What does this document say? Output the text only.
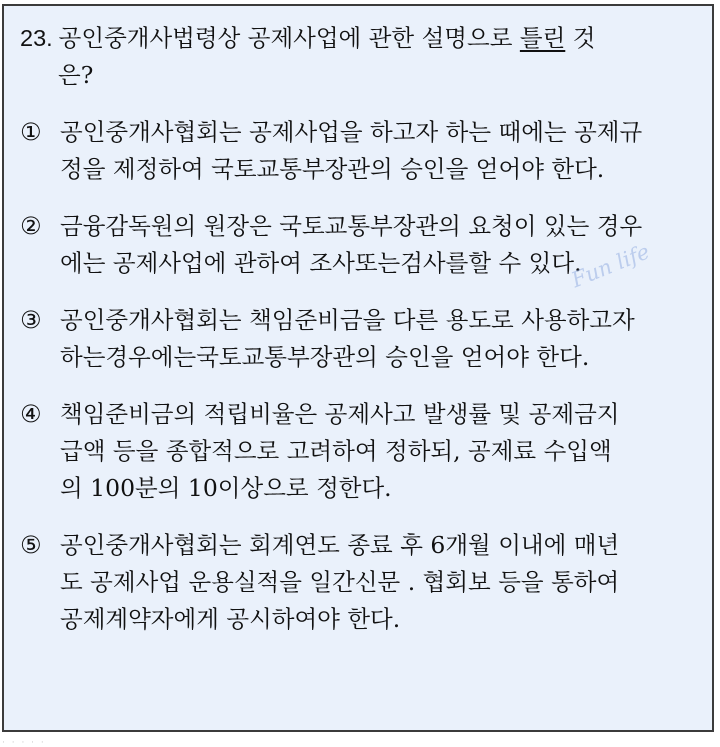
23. 공인중개사법령상 공제사업에 관한 설명으로 틀린 것
은?
① 공인중개사협회는 공제사업을 하고자 하는 때에는 공제규
정을 제정하여 국토교통부장관의 승인을 얻어야 한다.
② 금융감독원의 원장은 국토교통부장관의 요청이 있는 경우
에는 공제사업에 관하여 조사또는검사를할 수 있다.
③ 공인중개사협회는 책임준비금을 다른 용도로 사용하고자
하는경우에는국토교통부장관의 승인을 얻어야 한다.
④ 책임준비금의 적립비율은 공제사고 발생률 및 공제금지
급액 등을 종합적으로 고려하여 정하되, 공제료 수입액
의 100분의 10이상으로 정한다.
⑤ 공인중개사협회는 회계연도 종료 후 6개월 이내에 매년
도 공제사업 운용실적을 일간신문 . 협회보 등을 통하여
공제계약자에게 공시하여야 한다.
Fun life
· · · · ·
